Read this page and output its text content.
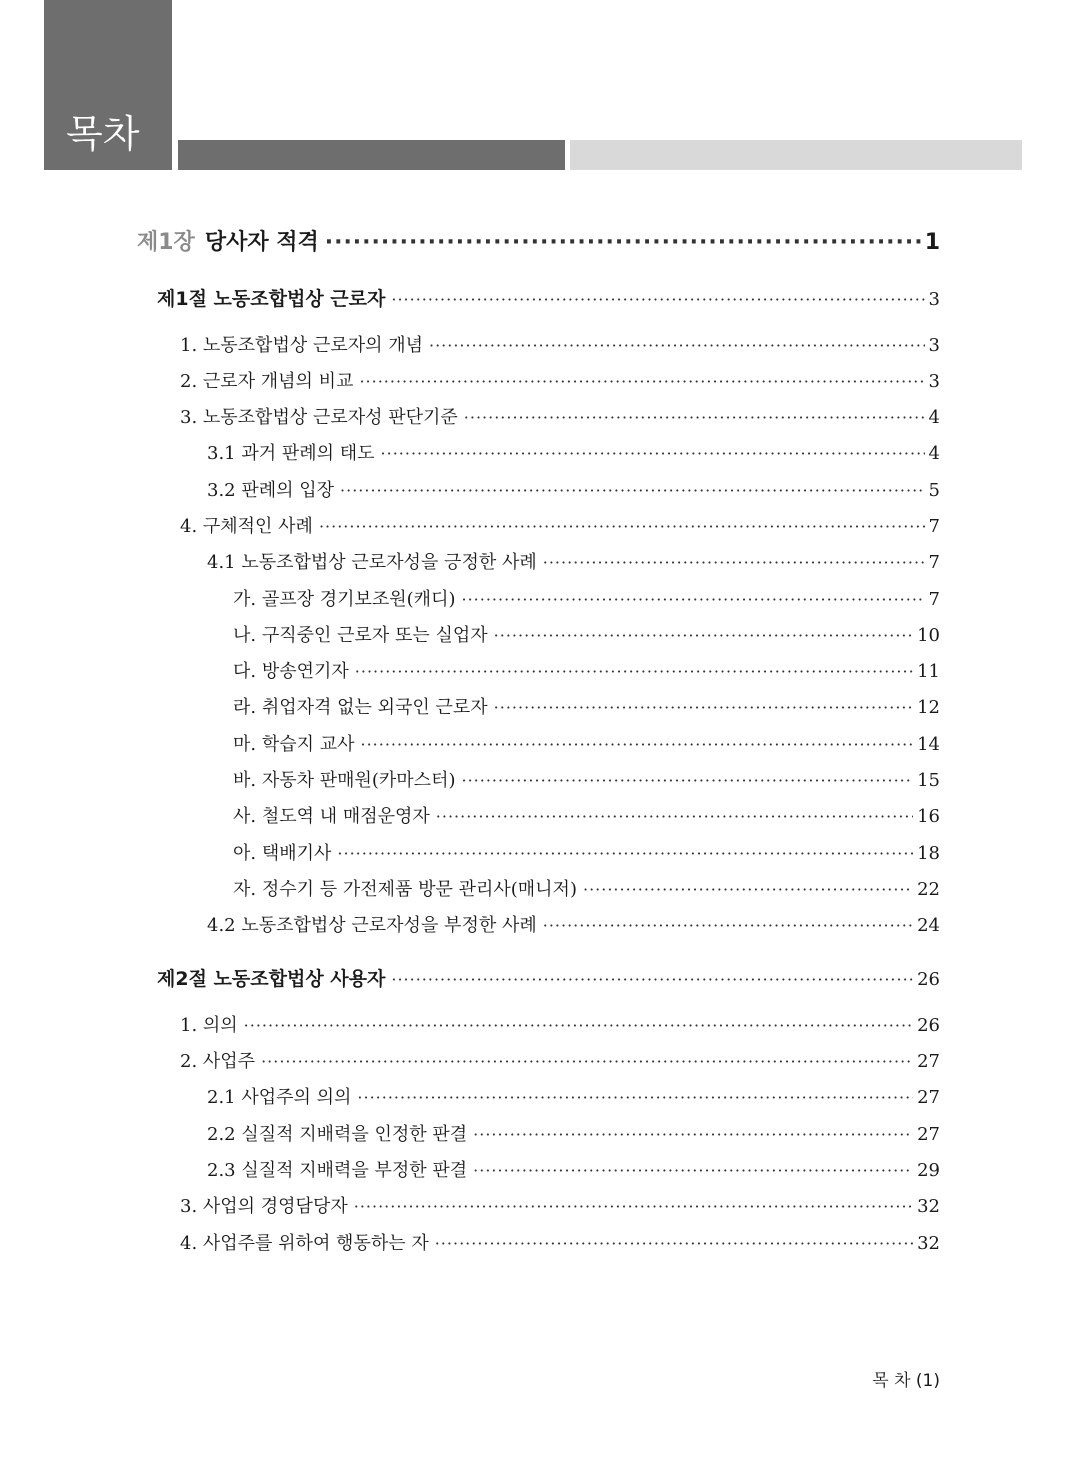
목차
제1장 당사자 적격 ·····	1
제1절 노동조합법상 근로자 ·····	3
1. 노동조합법상 근로자의 개념 ·····	3
2. 근로자 개념의 비교 ·····	3
3. 노동조합법상 근로자성 판단기준 ·····	4
3.1 과거 판례의 태도 ·····	4
3.2 판례의 입장 ·····	5
4. 구체적인 사례 ·····	7
4.1 노동조합법상 근로자성을 긍정한 사례 ·····	7
가. 골프장 경기보조원(캐디) ·····	7
나. 구직중인 근로자 또는 실업자 ·····	10
다. 방송연기자 ·····	11
라. 취업자격 없는 외국인 근로자 ·····	12
마. 학습지 교사 ·····	14
바. 자동차 판매원(카마스터) ·····	15
사. 철도역 내 매점운영자 ·····	16
아. 택배기사 ·····	18
자. 정수기 등 가전제품 방문 관리사(매니저) ·····	22
4.2 노동조합법상 근로자성을 부정한 사례 ·····	24
제2절 노동조합법상 사용자 ·····	26
1. 의의 ·····	26
2. 사업주 ·····	27
2.1 사업주의 의의 ·····	27
2.2 실질적 지배력을 인정한 판결 ·····	27
2.3 실질적 지배력을 부정한 판결 ·····	29
3. 사업의 경영담당자 ·····	32
4. 사업주를 위하여 행동하는 자 ·····	32
목 차 (1)
